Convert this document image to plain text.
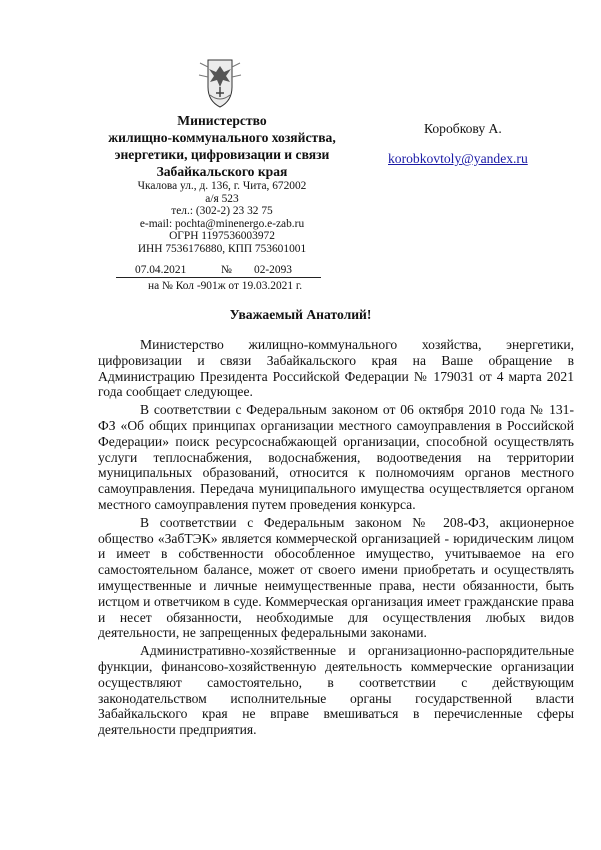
Министерство
жилищно-коммунального хозяйства,
энергетики, цифровизации и связи
Забайкальского края
Чкалова ул., д. 136, г. Чита, 672002
а/я 523
тел.: (302-2) 23 32 75
e-mail: pochta@minenergo.e-zab.ru
ОГРН 1197536003972
ИНН 7536176880, КПП 753601001
07.04.2021	№ 02-2093
на № Кол -901ж от 19.03.2021 г.
Коробкову А.
korobkovtoly@yandex.ru
Уважаемый Анатолий!

Министерство жилищно-коммунального хозяйства, энергетики, цифровизации и связи Забайкальского края на Ваше обращение в Администрацию Президента Российской Федерации № 179031 от 4 марта 2021 года сообщает следующее.

В соответствии с Федеральным законом от 06 октября 2010 года № 131-ФЗ «Об общих принципах организации местного самоуправления в Российской Федерации» поиск ресурсоснабжающей организации, способной осуществлять услуги теплоснабжения, водоснабжения, водоотведения на территории муниципальных образований, относится к полномочиям органов местного самоуправления. Передача муниципального имущества осуществляется органом местного самоуправления путем проведения конкурса.

В соответствии с Федеральным законом № 208-ФЗ, акционерное общество «ЗабТЭК» является коммерческой организацией - юридическим лицом и имеет в собственности обособленное имущество, учитываемое на его самостоятельном балансе, может от своего имени приобретать и осуществлять имущественные и личные неимущественные права, нести обязанности, быть истцом и ответчиком в суде. Коммерческая организация имеет гражданские права и несет обязанности, необходимые для осуществления любых видов деятельности, не запрещенных федеральными законами.

Административно-хозяйственные и организационно-распорядительные функции, финансово-хозяйственную деятельность коммерческие организации осуществляют самостоятельно, в соответствии с действующим законодательством исполнительные органы государственной власти Забайкальского края не вправе вмешиваться в перечисленные сферы деятельности предприятия.
